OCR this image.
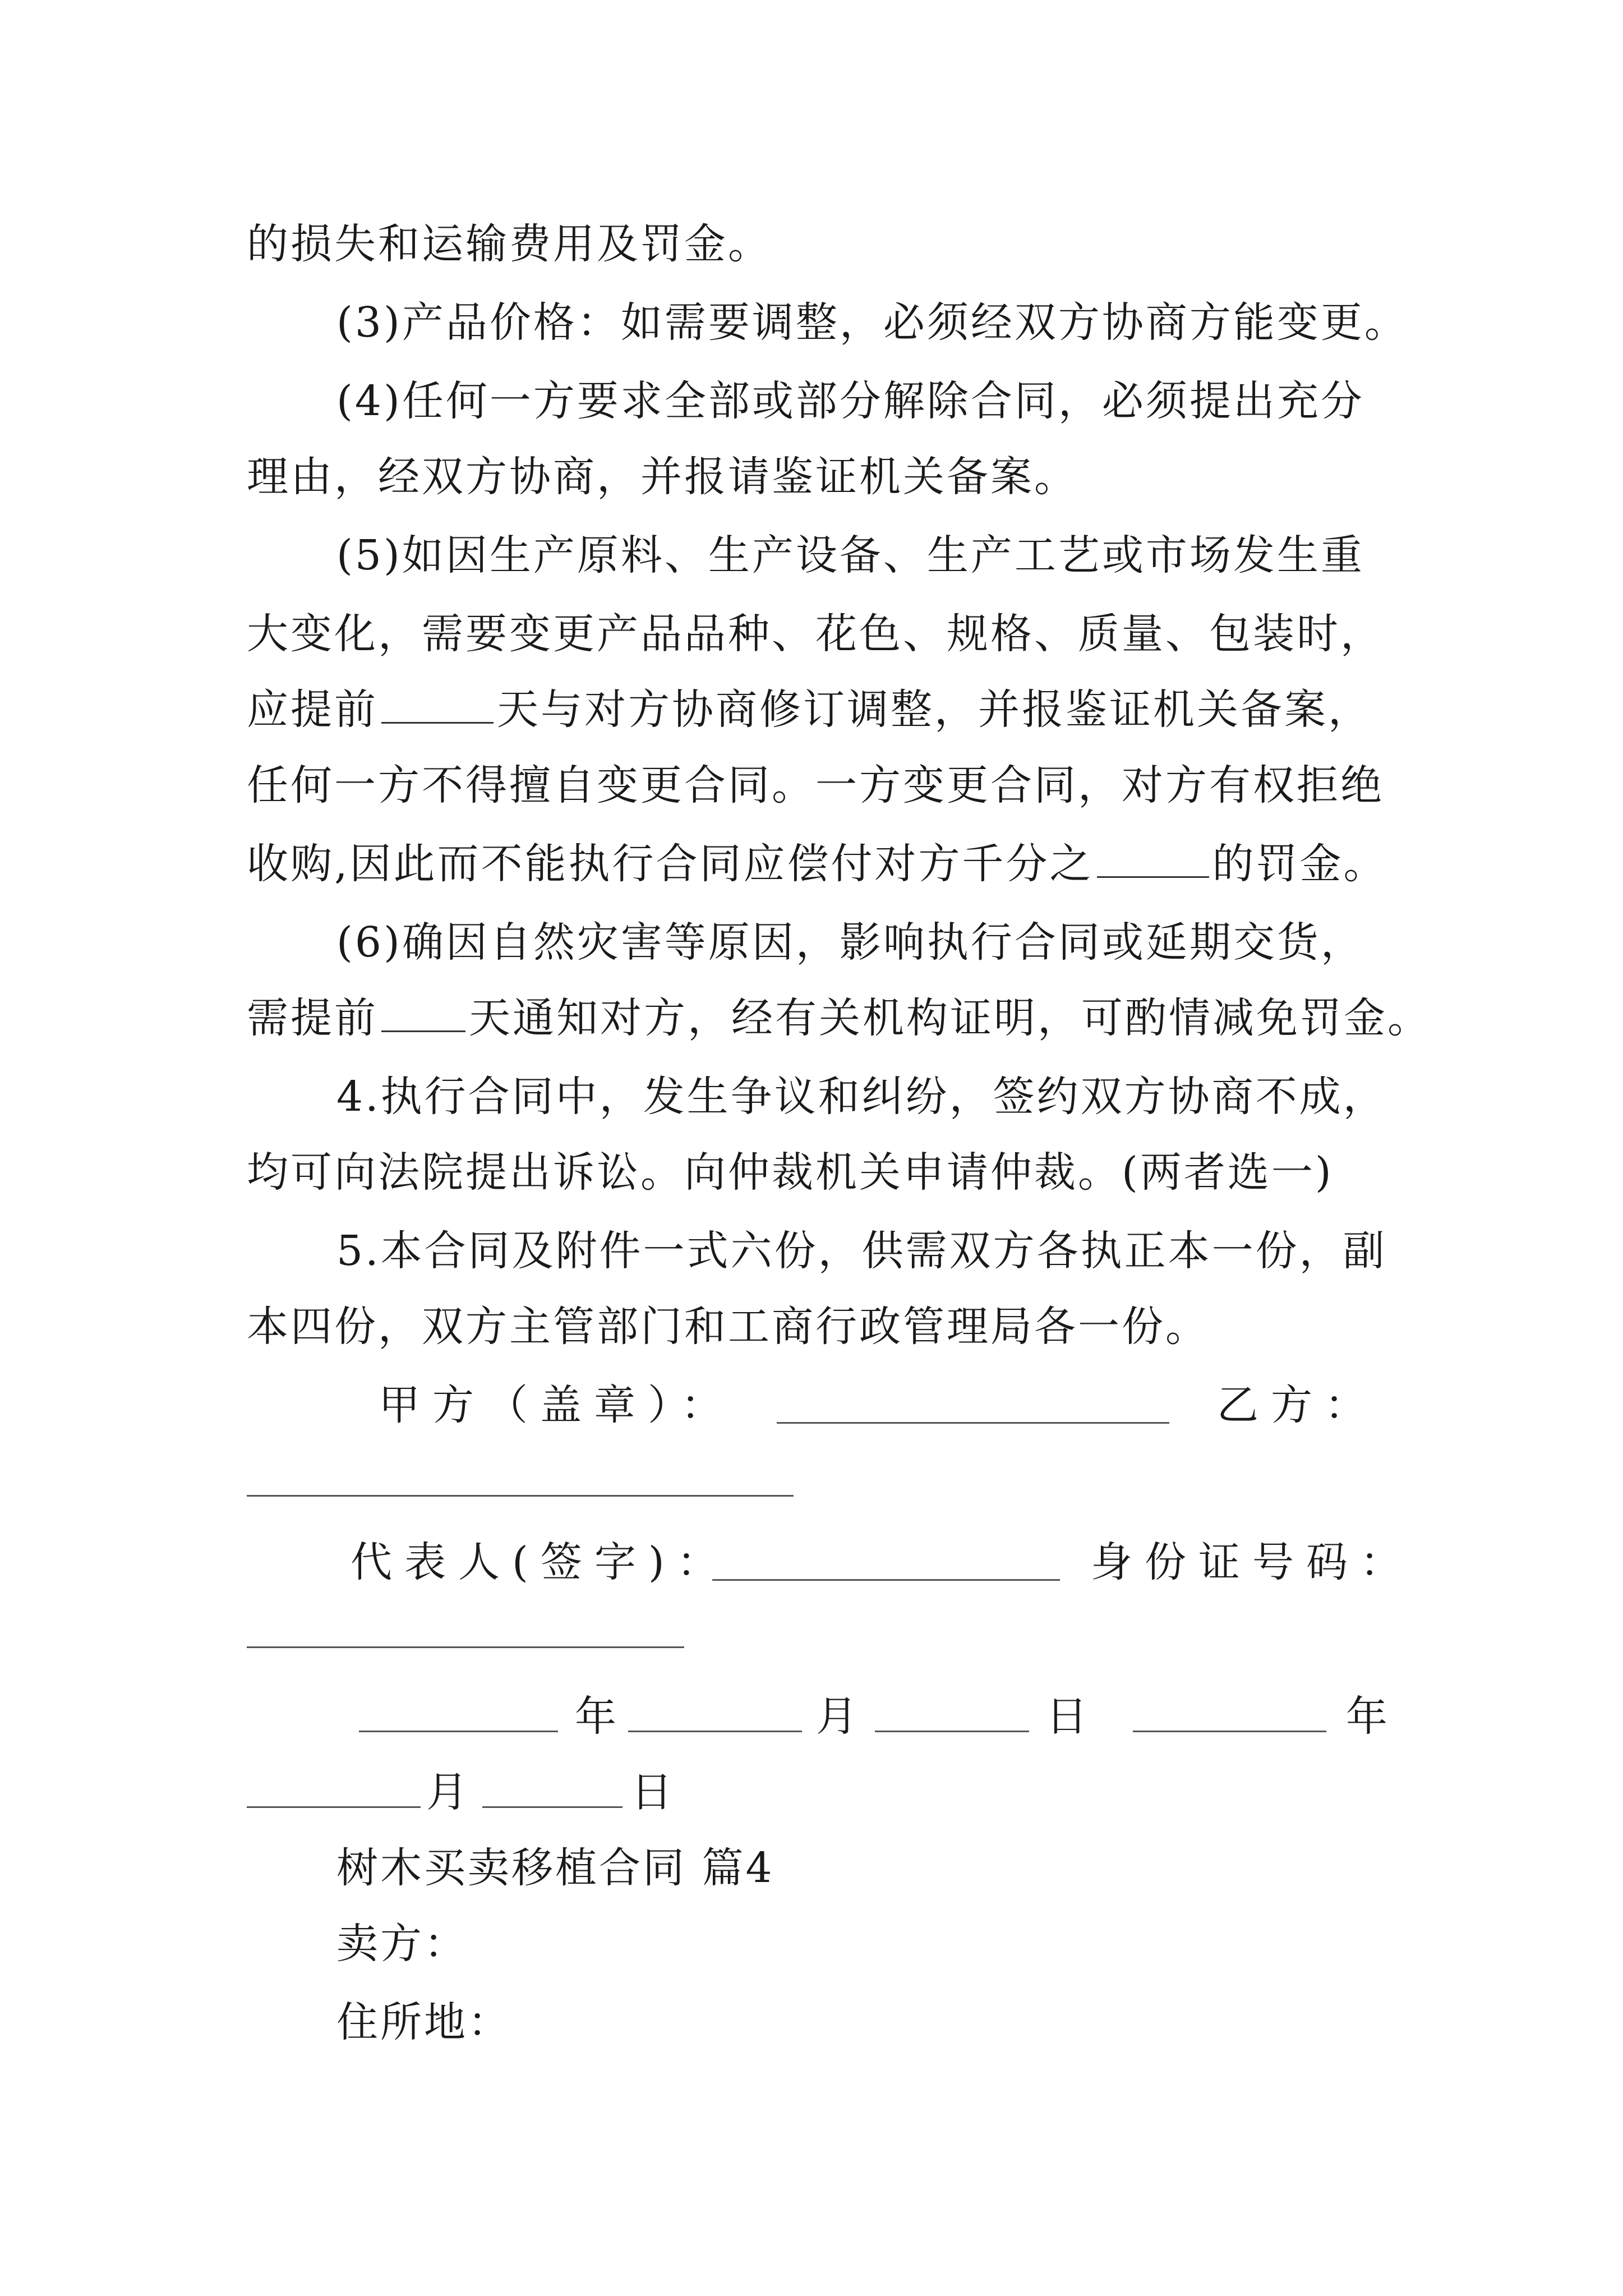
的损失和运输费用及罚金。
(3)产品价格：如需要调整，必须经双方协商方能变更。
(4)任何一方要求全部或部分解除合同，必须提出充分
理由，经双方协商，并报请鉴证机关备案。
(5)如因生产原料、生产设备、生产工艺或市场发生重
大变化，需要变更产品品种、花色、规格、质量、包装时，
应提前	天与对方协商修订调整，并报鉴证机关备案，
任何一方不得擅自变更合同。一方变更合同，对方有权拒绝
收购,因此而不能执行合同应偿付对方千分之	的罚金。
(6)确因自然灾害等原因，影响执行合同或延期交货，
需提前 天通知对方，经有关机构证明，可酌情减免罚金。
4.执行合同中，发生争议和纠纷，签约双方协商不成，
均可向法院提出诉讼。向仲裁机关申请仲裁。(两者选一)
5.本合同及附件一式六份，供需双方各执正本一份，副
本四份，双方主管部门和工商行政管理局各一份。
甲方（盖章）：	乙方：
代表人(签字)：	身份证号码：
年	月	日	年
月	日
树木买卖移植合同 篇4
卖方：
住所地：
